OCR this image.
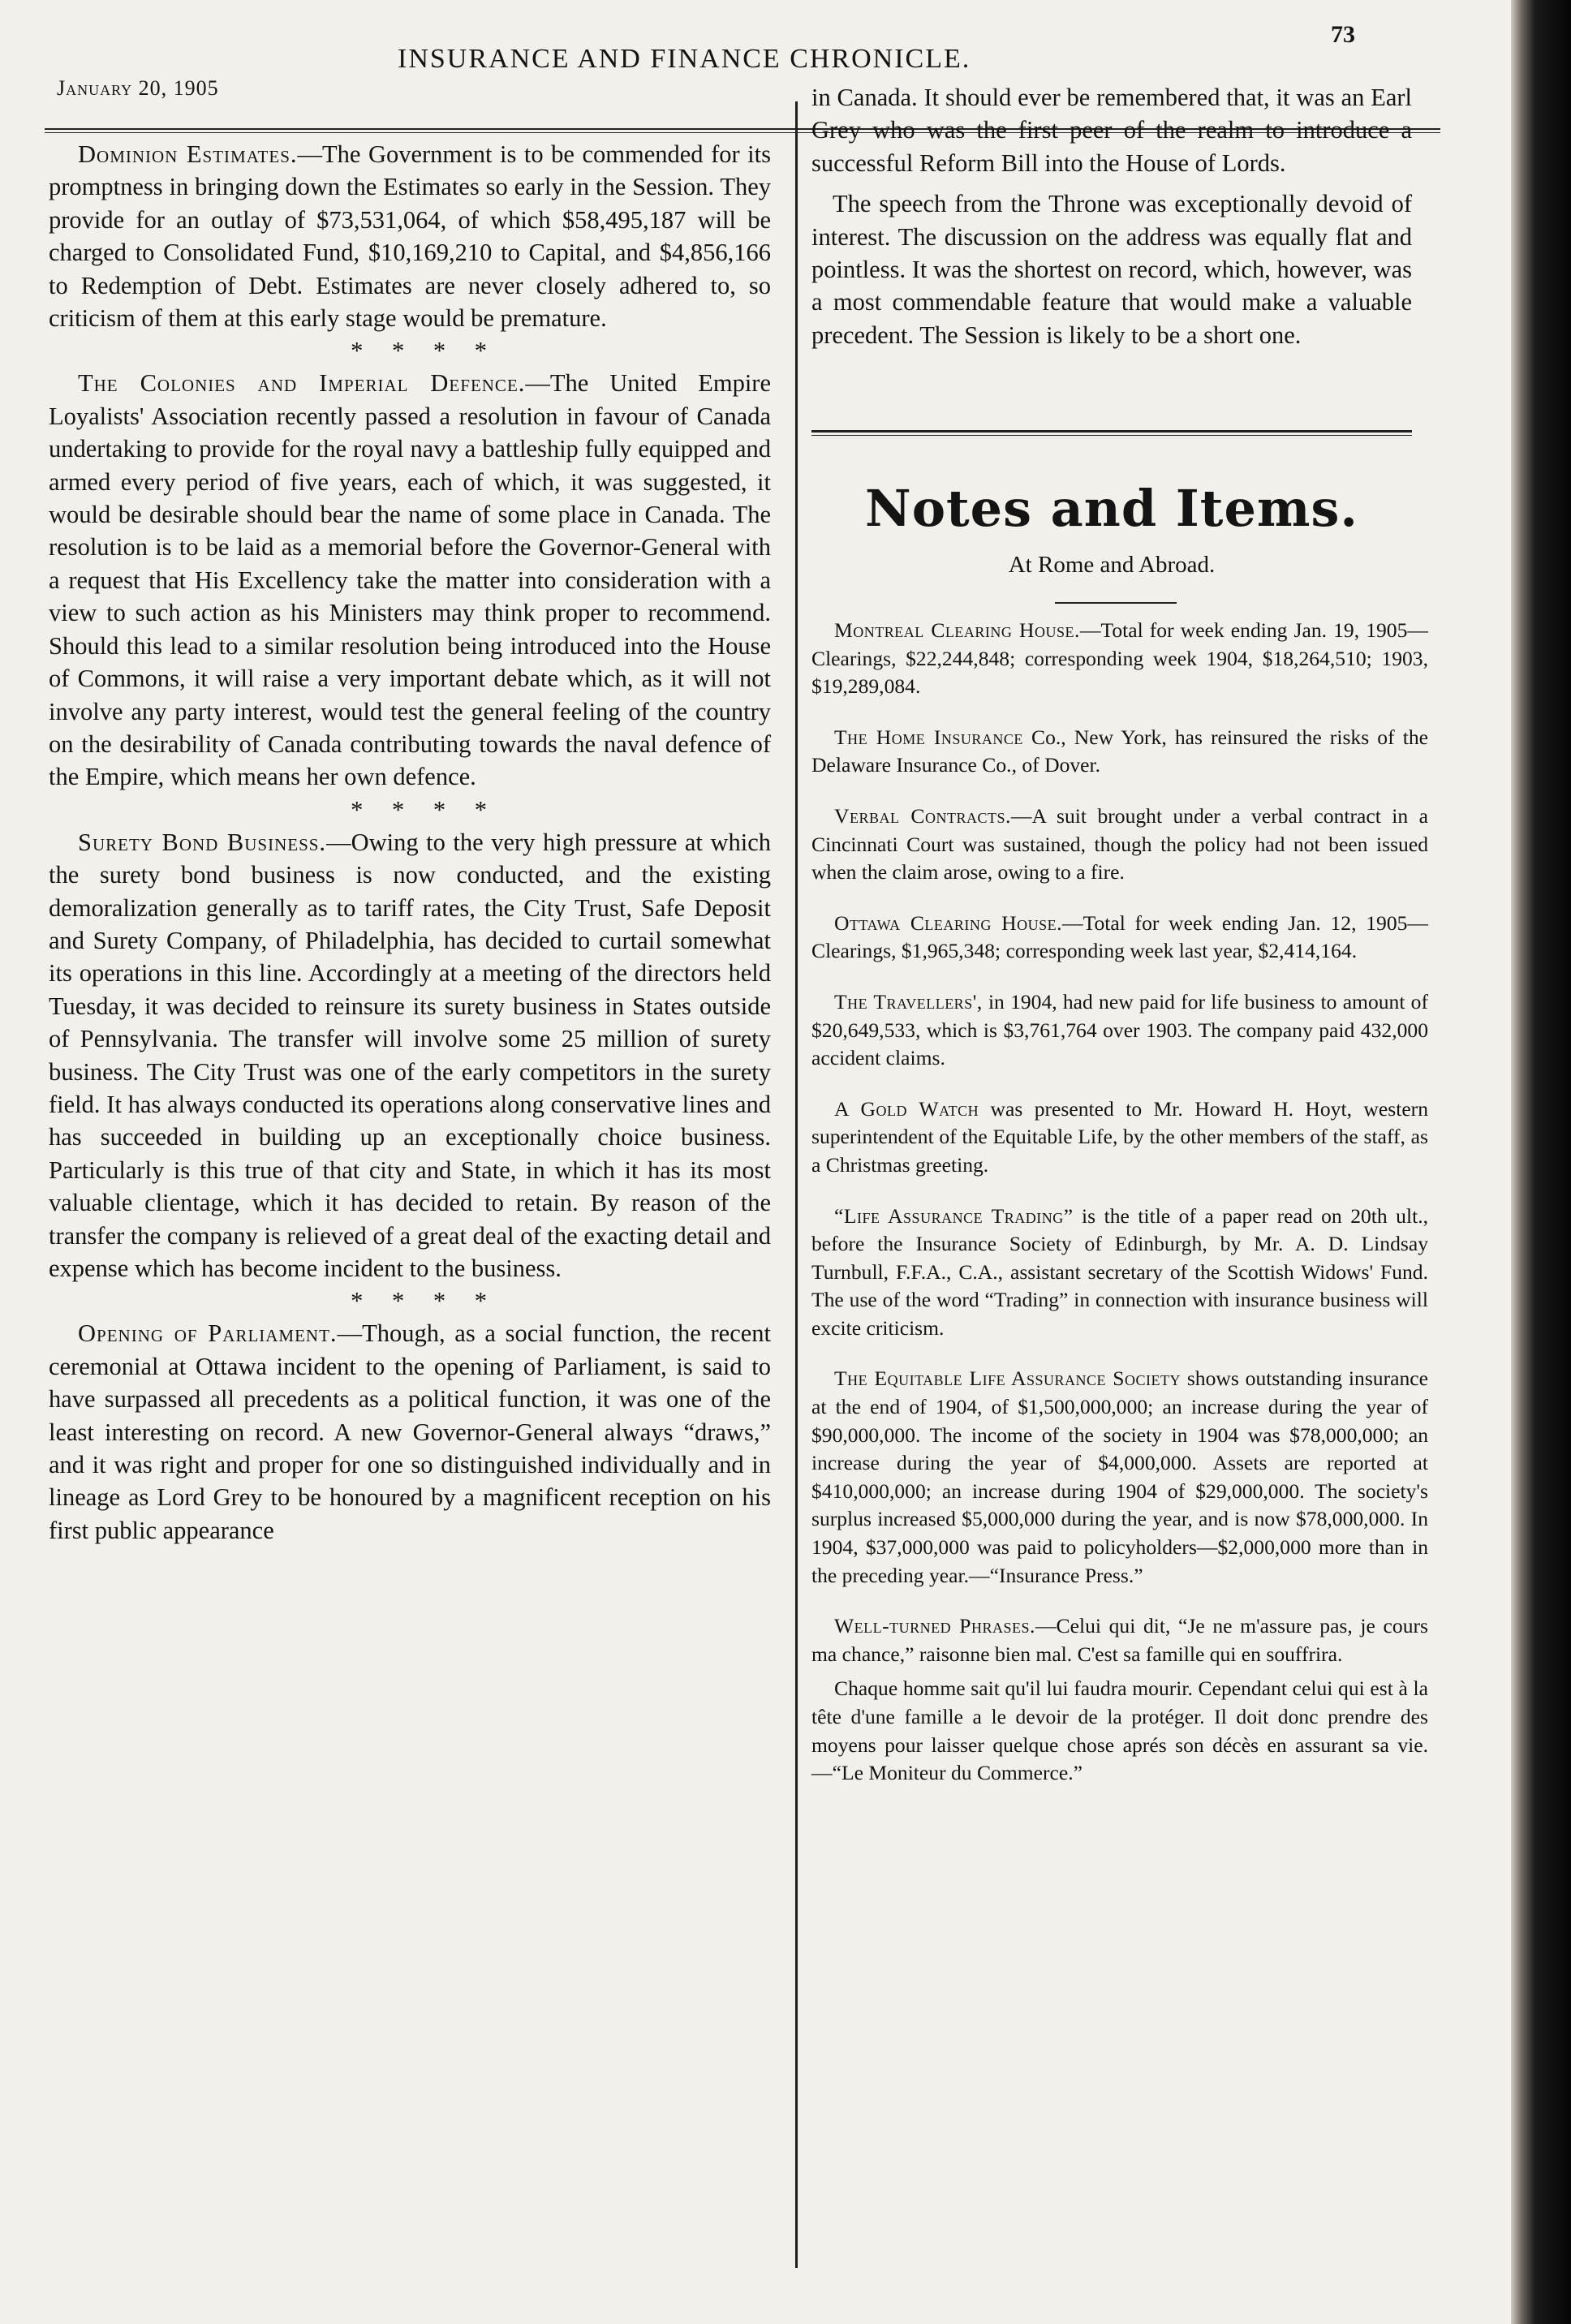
January 20, 1905
INSURANCE AND FINANCE CHRONICLE.
73

Dominion Estimates.—The Government is to be commended for its promptness in bringing down the Estimates so early in the Session. They provide for an outlay of $73,531,064, of which $58,495,187 will be charged to Consolidated Fund, $10,169,210 to Capital, and $4,856,166 to Redemption of Debt. Estimates are never closely adhered to, so criticism of them at this early stage would be premature.

* * * *

The Colonies and Imperial Defence.—The United Empire Loyalists' Association recently passed a resolution in favour of Canada undertaking to provide for the royal navy a battleship fully equipped and armed every period of five years, each of which, it was suggested, it would be desirable should bear the name of some place in Canada. The resolution is to be laid as a memorial before the Governor-General with a request that His Excellency take the matter into consideration with a view to such action as his Ministers may think proper to recommend. Should this lead to a similar resolution being introduced into the House of Commons, it will raise a very important debate which, as it will not involve any party interest, would test the general feeling of the country on the desirability of Canada contributing towards the naval defence of the Empire, which means her own defence.

* * * *

Surety Bond Business.—Owing to the very high pressure at which the surety bond business is now conducted, and the existing demoralization generally as to tariff rates, the City Trust, Safe Deposit and Surety Company, of Philadelphia, has decided to curtail somewhat its operations in this line. Accordingly at a meeting of the directors held Tuesday, it was decided to reinsure its surety business in States outside of Pennsylvania. The transfer will involve some 25 million of surety business. The City Trust was one of the early competitors in the surety field. It has always conducted its operations along conservative lines and has succeeded in building up an exceptionally choice business. Particularly is this true of that city and State, in which it has its most valuable clientage, which it has decided to retain. By reason of the transfer the company is relieved of a great deal of the exacting detail and expense which has become incident to the business.

* * * *

Opening of Parliament.—Though, as a social function, the recent ceremonial at Ottawa incident to the opening of Parliament, is said to have surpassed all precedents as a political function, it was one of the least interesting on record. A new Governor-General always “draws,” and it was right and proper for one so distinguished individually and in lineage as Lord Grey to be honoured by a magnificent reception on his first public appearance

in Canada. It should ever be remembered that, it was an Earl Grey who was the first peer of the realm to introduce a successful Reform Bill into the House of Lords.

The speech from the Throne was exceptionally devoid of interest. The discussion on the address was equally flat and pointless. It was the shortest on record, which, however, was a most commendable feature that would make a valuable precedent. The Session is likely to be a short one.

Notes and Items.
At Rome and Abroad.

Montreal Clearing House.—Total for week ending Jan. 19, 1905—Clearings, $22,244,848; corresponding week 1904, $18,264,510; 1903, $19,289,084.

The Home Insurance Co., New York, has reinsured the risks of the Delaware Insurance Co., of Dover.

Verbal Contracts.—A suit brought under a verbal contract in a Cincinnati Court was sustained, though the policy had not been issued when the claim arose, owing to a fire.

Ottawa Clearing House.—Total for week ending Jan. 12, 1905—Clearings, $1,965,348; corresponding week last year, $2,414,164.

The Travellers', in 1904, had new paid for life business to amount of $20,649,533, which is $3,761,764 over 1903. The company paid 432,000 accident claims.

A Gold Watch was presented to Mr. Howard H. Hoyt, western superintendent of the Equitable Life, by the other members of the staff, as a Christmas greeting.

“Life Assurance Trading” is the title of a paper read on 20th ult., before the Insurance Society of Edinburgh, by Mr. A. D. Lindsay Turnbull, F.F.A., C.A., assistant secretary of the Scottish Widows' Fund. The use of the word “Trading” in connection with insurance business will excite criticism.

The Equitable Life Assurance Society shows outstanding insurance at the end of 1904, of $1,500,000,000; an increase during the year of $90,000,000. The income of the society in 1904 was $78,000,000; an increase during the year of $4,000,000. Assets are reported at $410,000,000; an increase during 1904 of $29,000,000. The society's surplus increased $5,000,000 during the year, and is now $78,000,000. In 1904, $37,000,000 was paid to policyholders—$2,000,000 more than in the preceding year.—“Insurance Press.”

Well-turned Phrases.—Celui qui dit, “Je ne m'assure pas, je cours ma chance,” raisonne bien mal. C'est sa famille qui en souffrira.

Chaque homme sait qu'il lui faudra mourir. Cependant celui qui est à la tête d'une famille a le devoir de la protéger. Il doit donc prendre des moyens pour laisser quelque chose aprés son décès en assurant sa vie.—“Le Moniteur du Commerce.”
